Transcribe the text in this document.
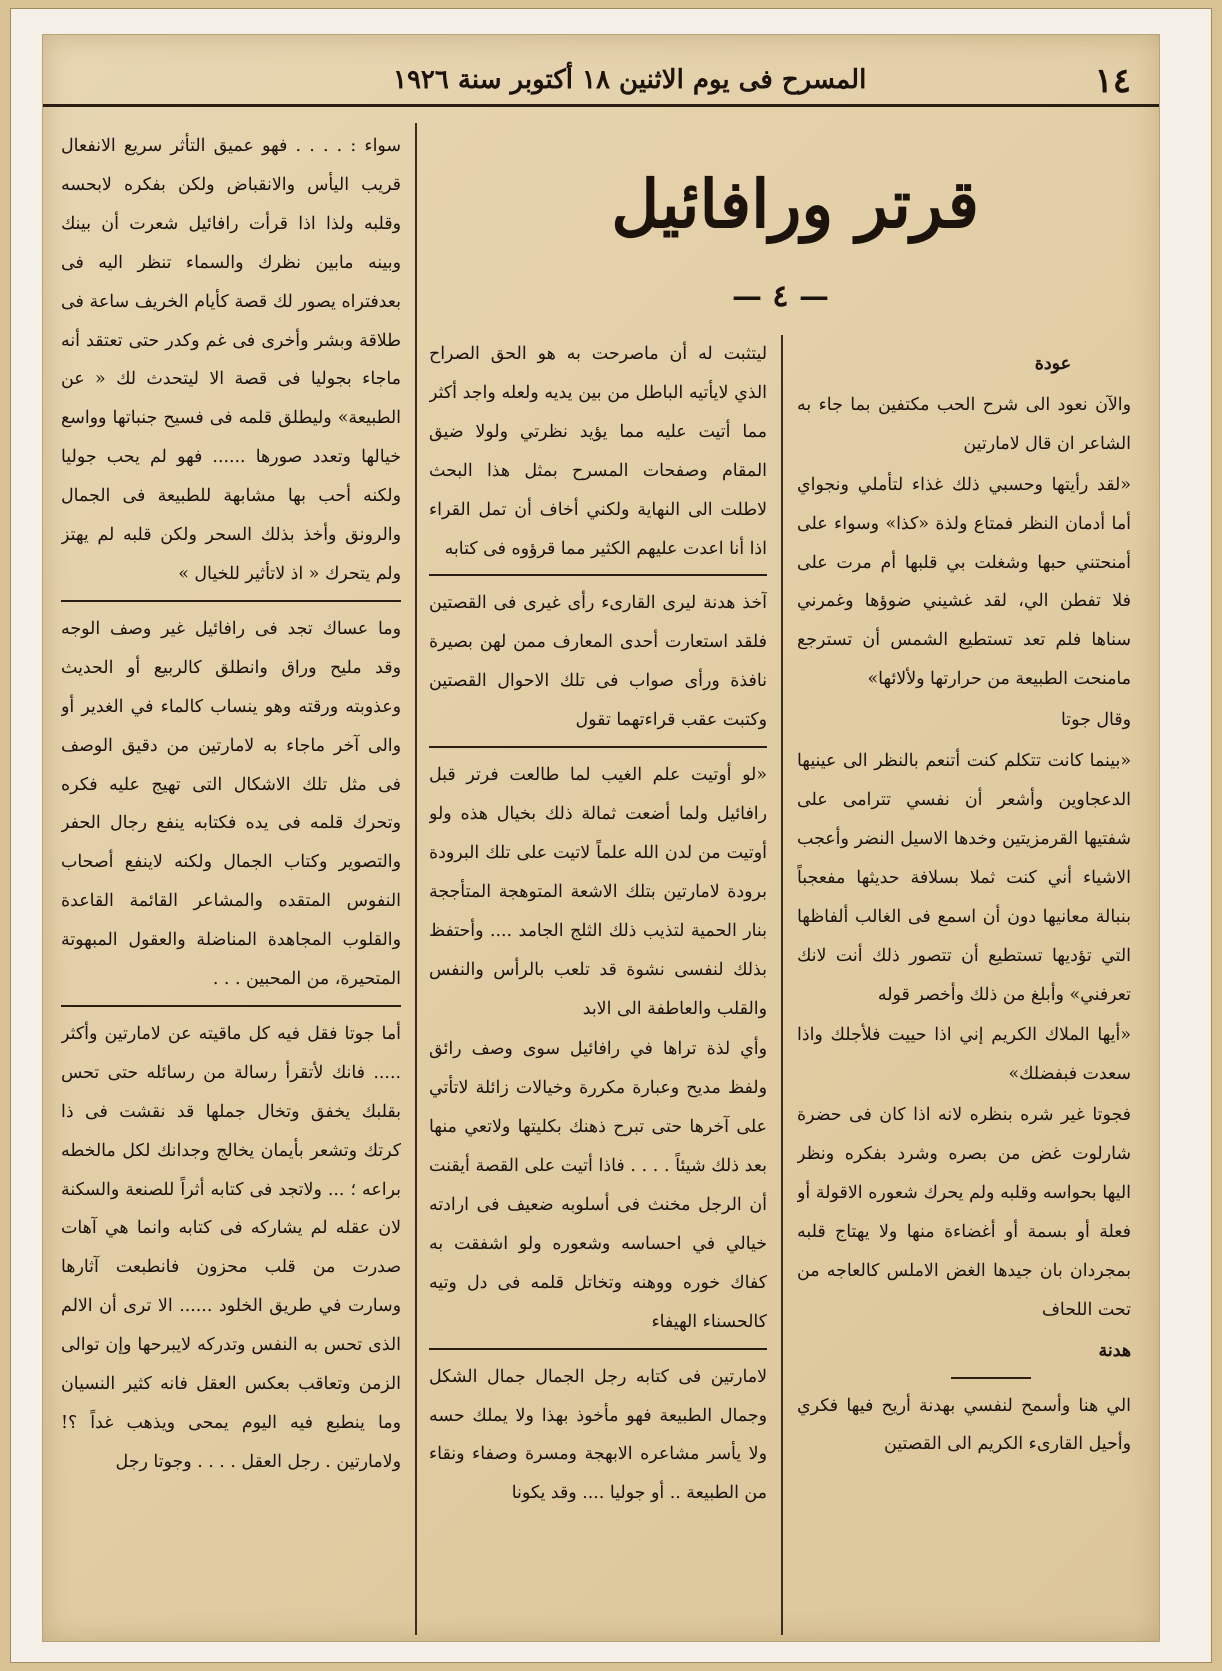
١٤
المسرح فى يوم الاثنين ١٨ أكتوبر سنة ١٩٢٦
قرتر ورافائيل
— ٤ —

عودة

والآن نعود الى شرح الحب مكتفين بما جاء به الشاعر ان قال لامارتين

«لقد رأيتها وحسبي ذلك غذاء لتأملي ونجواي أما أدمان النظر فمتاع ولذة «كذا» وسواء على أمنحتني حبها وشغلت بي قلبها أم مرت على فلا تفطن الي، لقد غشيني ضوؤها وغمرني سناها فلم تعد تستطيع الشمس أن تسترجع مامنحت الطبيعة من حرارتها ولألائها»

وقال جوتا

«بينما كانت تتكلم كنت أتنعم بالنظر الى عينيها الدعجاوين وأشعر أن نفسي تترامى على شفتيها القرمزيتين وخدها الاسيل النضر وأعجب الاشياء أني كنت ثملا بسلافة حديثها مفعجباً بنبالة معانيها دون أن اسمع فى الغالب ألفاظها التي تؤديها تستطيع أن تتصور ذلك أنت لانك تعرفني» وأبلغ من ذلك وأخصر قوله

«أيها الملاك الكريم إني اذا حييت فلأجلك واذا سعدت فبفضلك»

فجوتا غير شره بنظره لانه اذا كان فى حضرة شارلوت غض من بصره وشرد بفكره ونظر اليها بحواسه وقلبه ولم يحرك شعوره الاقولة أو فعلة أو بسمة أو أغضاءة منها ولا يهتاج قلبه بمجردان بان جيدها الغض الاملس كالعاجه من تحت اللحاف

هدنة

الي هنا وأسمح لنفسي بهدنة أريح فيها فكري وأحيل القارىء الكريم الى القصتين

ليتثبت له أن ماصرحت به هو الحق الصراح الذي لايأتيه الباطل من بين يديه ولعله واجد أكثر مما أتيت عليه مما يؤيد نظرتي ولولا ضيق المقام وصفحات المسرح بمثل هذا البحث لاطلت الى النهاية ولكني أخاف أن تمل القراء اذا أنا اعدت عليهم الكثير مما قرؤوه فى كتابه

آخذ هدنة ليرى القارىء رأى غيرى فى القصتين فلقد استعارت أحدى المعارف ممن لهن بصيرة نافذة ورأى صواب فى تلك الاحوال القصتين وكتبت عقب قراءتهما تقول

«لو أوتيت علم الغيب لما طالعت فرتر قبل رافائيل ولما أضعت ثمالة ذلك بخيال هذه ولو أوتيت من لدن الله علماً لاتيت على تلك البرودة برودة لامارتين بتلك الاشعة المتوهجة المتأججة بنار الحمية لتذيب ذلك الثلج الجامد .... وأحتفظ بذلك لنفسى نشوة قد تلعب بالرأس والنفس والقلب والعاطفة الى الابد

وأي لذة تراها في رافائيل سوى وصف رائق ولفظ مديح وعبارة مكررة وخيالات زائلة لاتأتي على آخرها حتى تبرح ذهنك بكليتها ولاتعي منها بعد ذلك شيئاً . . . . فاذا أتيت على القصة أيقنت أن الرجل مخنث فى أسلوبه ضعيف فى ارادته خيالي في احساسه وشعوره ولو اشفقت به كفاك خوره ووهنه وتخاتل قلمه فى دل وتيه كالحسناء الهيفاء

لامارتين فى كتابه رجل الجمال جمال الشكل وجمال الطبيعة فهو مأخوذ بهذا ولا يملك حسه ولا يأسر مشاعره الابهجة ومسرة وصفاء ونقاء من الطبيعة .. أو جوليا .... وقد يكونا

سواء : . . . . فهو عميق التأثر سريع الانفعال قريب اليأس والانقباض ولكن بفكره لابحسه وقلبه ولذا اذا قرأت رافائيل شعرت أن بينك وبينه مابين نظرك والسماء تنظر اليه فى بعدفتراه يصور لك قصة كأيام الخريف ساعة فى طلاقة وبشر وأخرى فى غم وكدر حتى تعتقد أنه ماجاء بجوليا فى قصة الا ليتحدث لك « عن الطبيعة» وليطلق قلمه فى فسيح جنباتها وواسع خيالها وتعدد صورها ...... فهو لم يحب جوليا ولكنه أحب بها مشابهة للطبيعة فى الجمال والرونق وأخذ بذلك السحر ولكن قلبه لم يهتز ولم يتحرك « اذ لاتأثير للخيال »

وما عساك تجد فى رافائيل غير وصف الوجه وقد مليح وراق وانطلق كالربيع أو الحديث وعذوبته ورقته وهو ينساب كالماء في الغدير أو والى آخر ماجاء به لامارتين من دقيق الوصف فى مثل تلك الاشكال التى تهيج عليه فكره وتحرك قلمه فى يده فكتابه ينفع رجال الحفر والتصوير وكتاب الجمال ولكنه لاينفع أصحاب النفوس المتقده والمشاعر القائمة القاعدة والقلوب المجاهدة المناضلة والعقول المبهوتة المتحيرة، من المحبين . . .

أما جوتا فقل فيه كل ماقيته عن لامارتين وأكثر ..... فانك لأتقرأ رسالة من رسائله حتى تحس بقلبك يخفق وتخال جملها قد نقشت فى ذا كرتك وتشعر بأيمان يخالج وجدانك لكل مالخطه براعه ؛ ... ولاتجد فى كتابه أثراً للصنعة والسكنة لان عقله لم يشاركه فى كتابه وانما هي آهات صدرت من قلب محزون فانطبعت آثارها وسارت في طريق الخلود ...... الا ترى أن الالم الذى تحس به النفس وتدركه لايبرحها وإن توالى الزمن وتعاقب بعكس العقل فانه كثير النسيان وما ينطبع فيه اليوم يمحى ويذهب غداً ؟! ولامارتين . رجل العقل . . . . وجوتا رجل
